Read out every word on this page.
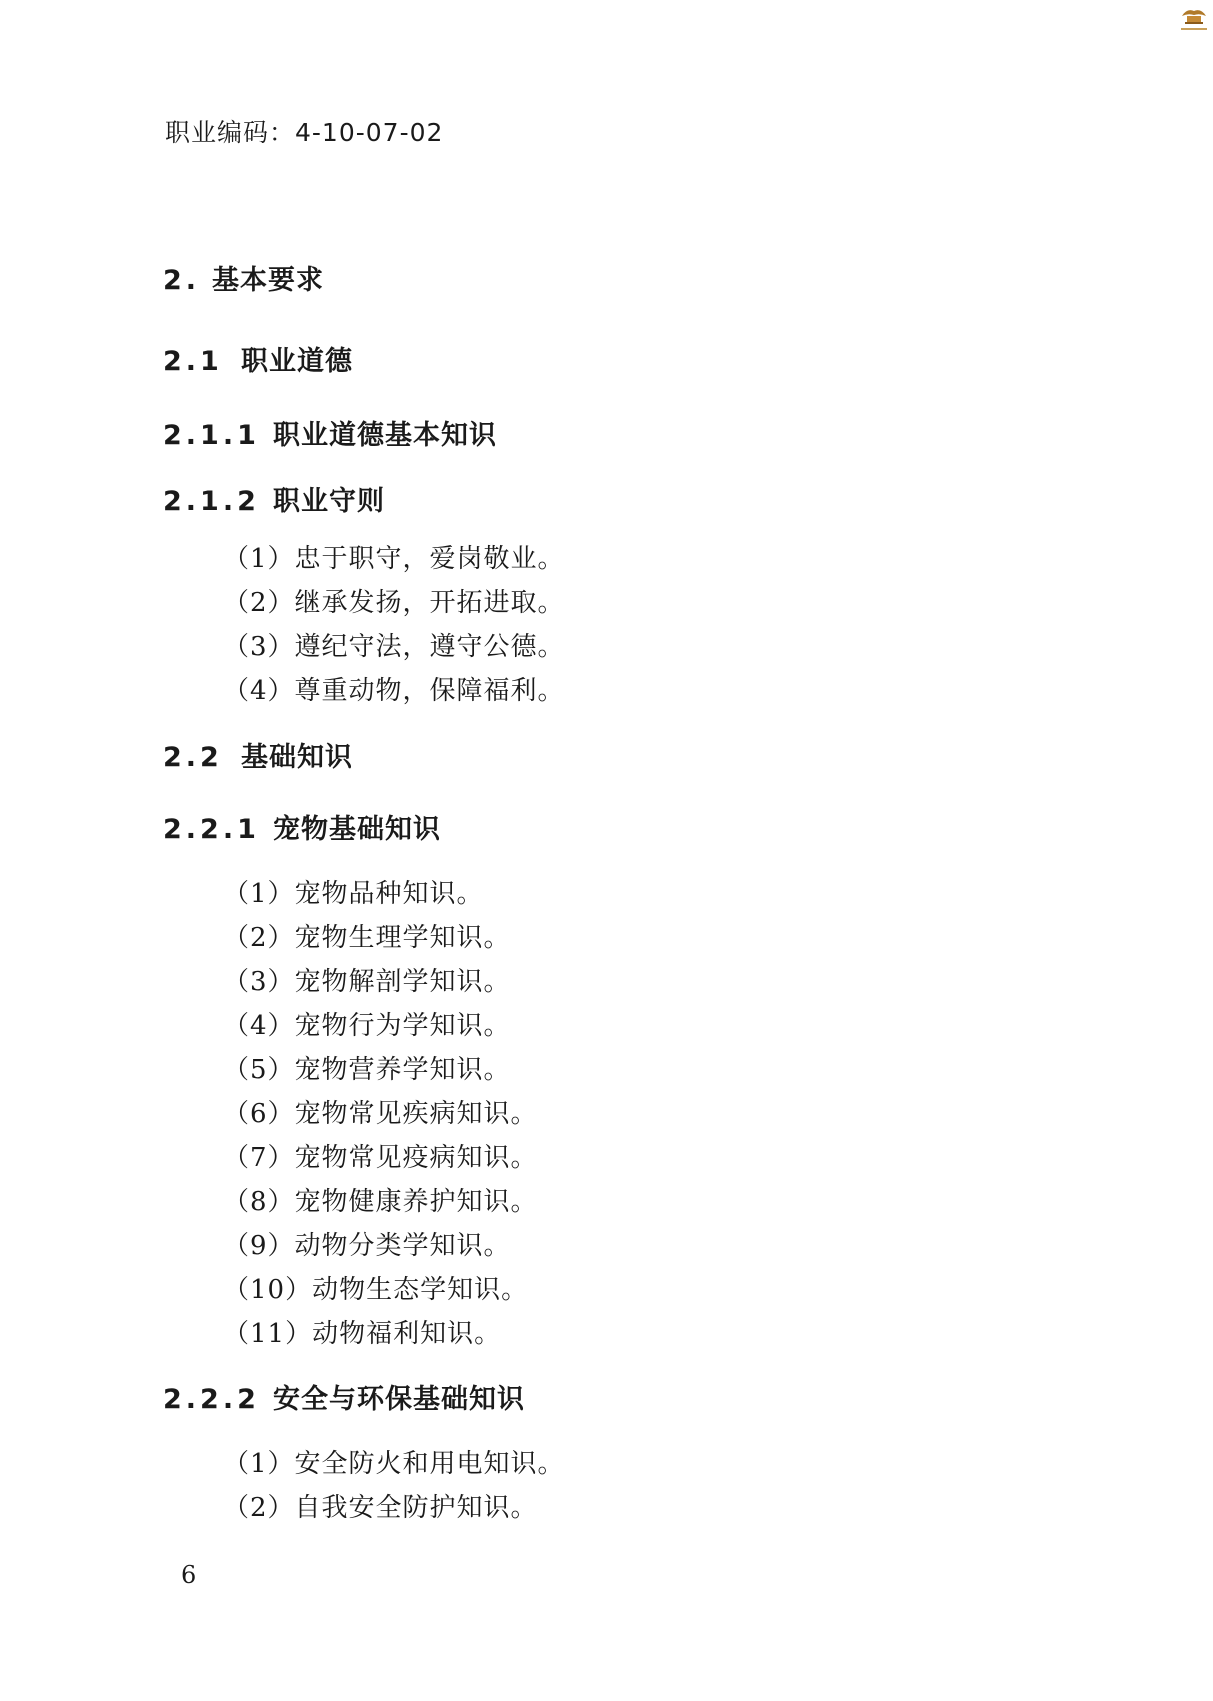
职业编码：4-10-07-02
2. 基本要求
2.1 职业道德
2.1.1 职业道德基本知识
2.1.2 职业守则
（1）忠于职守，爱岗敬业。
（2）继承发扬，开拓进取。
（3）遵纪守法，遵守公德。
（4）尊重动物，保障福利。
2.2 基础知识
2.2.1 宠物基础知识
（1）宠物品种知识。
（2）宠物生理学知识。
（3）宠物解剖学知识。
（4）宠物行为学知识。
（5）宠物营养学知识。
（6）宠物常见疾病知识。
（7）宠物常见疫病知识。
（8）宠物健康养护知识。
（9）动物分类学知识。
（10）动物生态学知识。
（11）动物福利知识。
2.2.2 安全与环保基础知识
（1）安全防火和用电知识。
（2）自我安全防护知识。
6
